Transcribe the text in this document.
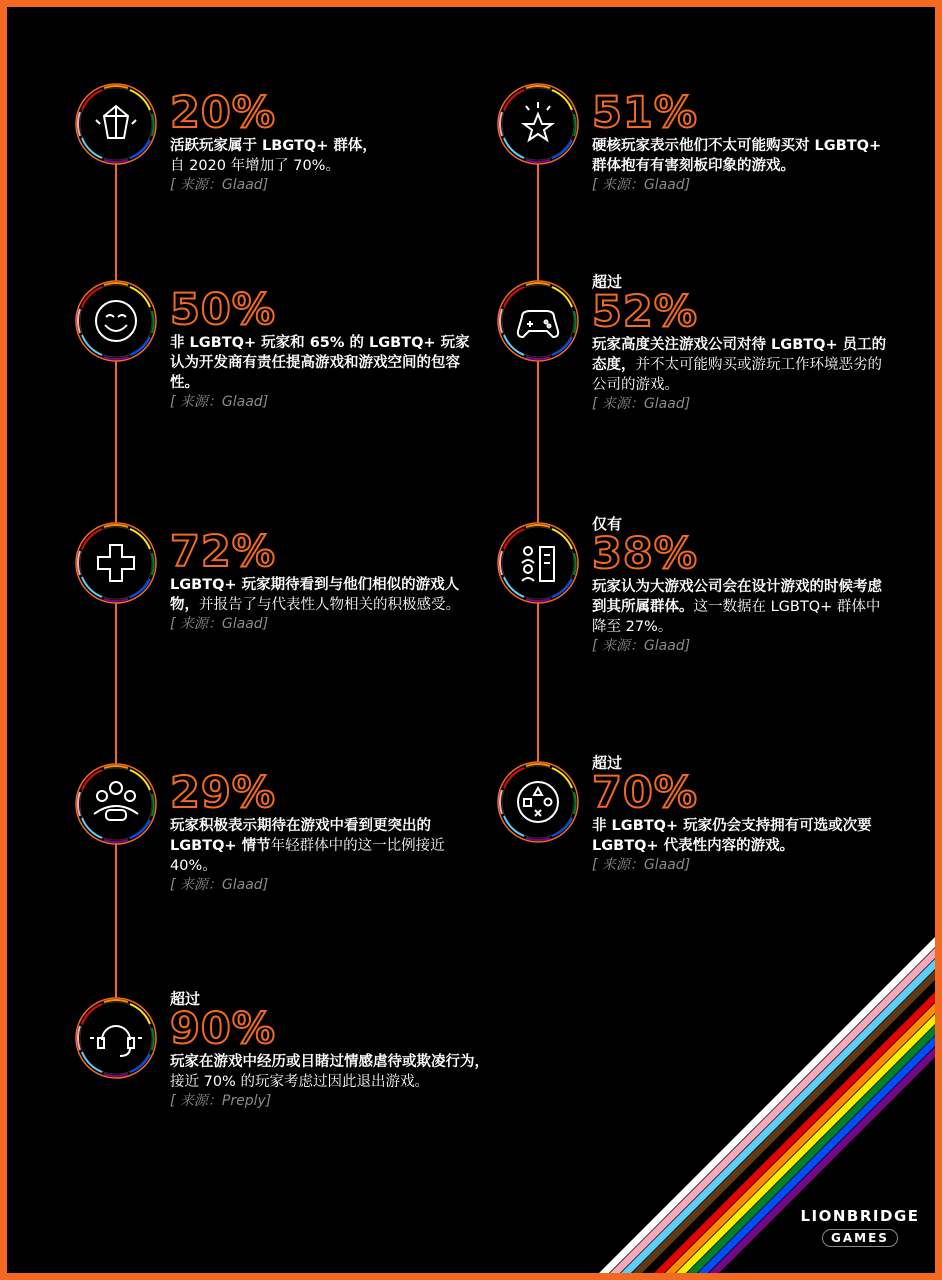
20%
活跃玩家属于 LBGTQ+ 群体，
自 2020 年增加了 70%。
[ 来源：Glaad]
50%
非 LGBTQ+ 玩家和 65% 的 LGBTQ+ 玩家认为开发商有责任提高游戏和游戏空间的包容性。
[ 来源：Glaad]
72%
LGBTQ+ 玩家期待看到与他们相似的游戏人物，并报告了与代表性人物相关的积极感受。
[ 来源：Glaad]
29%
玩家积极表示期待在游戏中看到更突出的 LGBTQ+ 情节年轻群体中的这一比例接近 40%。
[ 来源：Glaad]
超过
90%
玩家在游戏中经历或目睹过情感虐待或欺凌行为，
接近 70% 的玩家考虑过因此退出游戏。
[ 来源：Preply]
51%
硬核玩家表示他们不太可能购买对 LGBTQ+ 群体抱有有害刻板印象的游戏。
[ 来源：Glaad]
超过
52%
玩家高度关注游戏公司对待 LGBTQ+ 员工的态度，并不太可能购买或游玩工作环境恶劣的公司的游戏。
[ 来源：Glaad]
仅有
38%
玩家认为大游戏公司会在设计游戏的时候考虑到其所属群体。这一数据在 LGBTQ+ 群体中降至 27%。
[ 来源：Glaad]
超过
70%
非 LGBTQ+ 玩家仍会支持拥有可选或次要 LGBTQ+ 代表性内容的游戏。
[ 来源：Glaad]
LIONBRIDGE
GAMES
